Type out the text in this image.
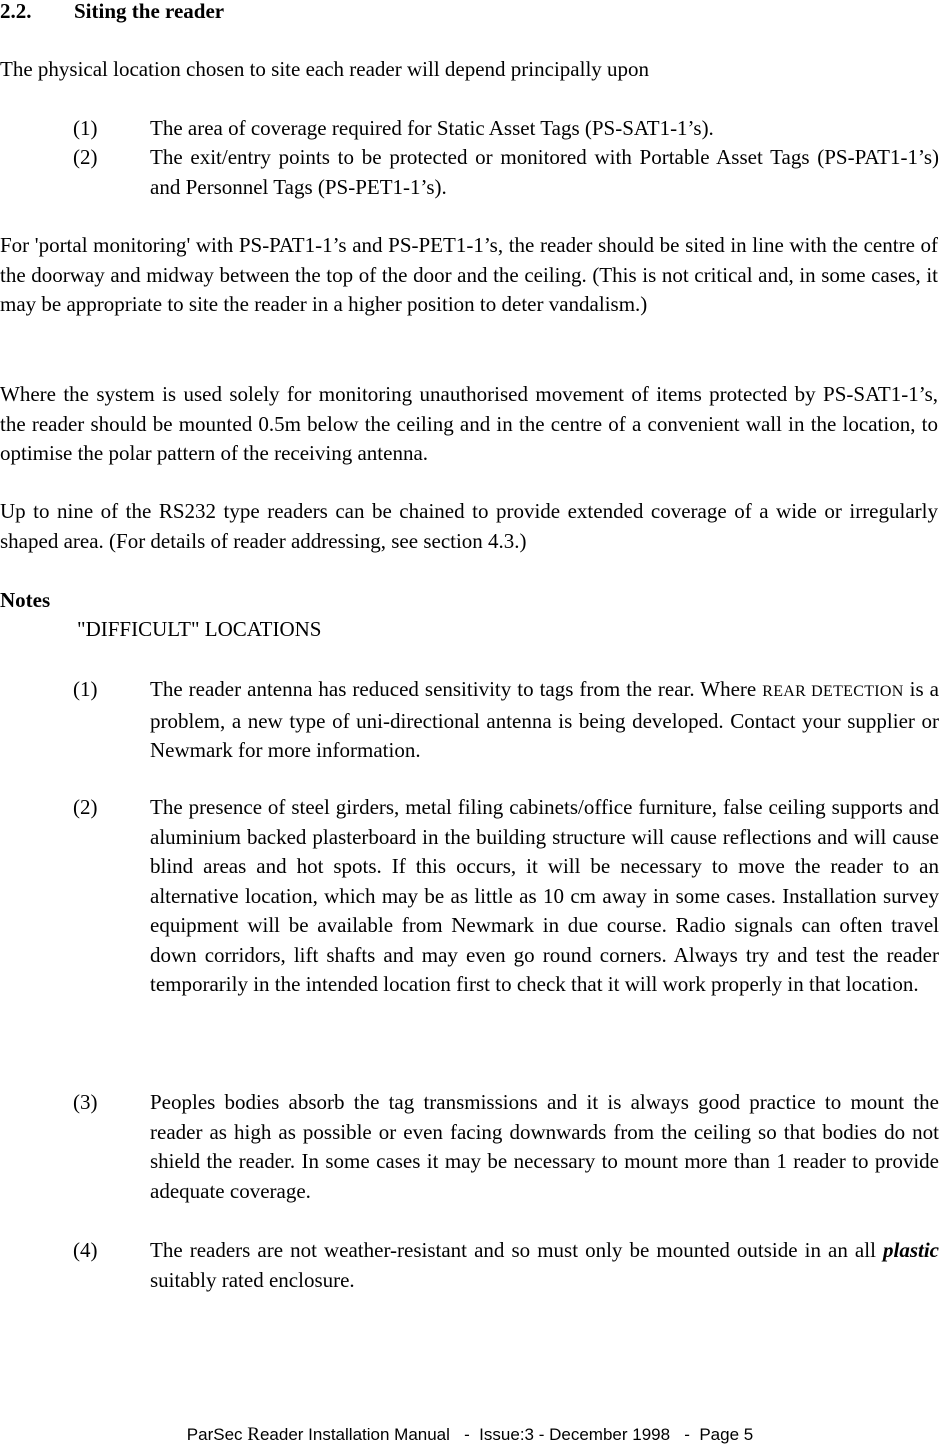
2.2. Siting the reader

The physical location chosen to site each reader will depend principally upon

(1)	The area of coverage required for Static Asset Tags (PS-SAT1-1’s).
(2)	The exit/entry points to be protected or monitored with Portable Asset Tags (PS-PAT1-1’s) and Personnel Tags (PS-PET1-1’s).

For 'portal monitoring' with PS-PAT1-1’s and PS-PET1-1’s, the reader should be sited in line with the centre of the doorway and midway between the top of the door and the ceiling. (This is not critical and, in some cases, it may be appropriate to site the reader in a higher position to deter vandalism.)

Where the system is used solely for monitoring unauthorised movement of items protected by PS-SAT1-1’s, the reader should be mounted 0.5m below the ceiling and in the centre of a convenient wall in the location, to optimise the polar pattern of the receiving antenna.

Up to nine of the RS232 type readers can be chained to provide extended coverage of a wide or irregularly shaped area. (For details of reader addressing, see section 4.3.)

Notes
"DIFFICULT" LOCATIONS
(1)	The reader antenna has reduced sensitivity to tags from the rear. Where REAR DETECTION is a problem, a new type of uni-directional antenna is being developed. Contact your supplier or Newmark for more information.
(2)	The presence of steel girders, metal filing cabinets/office furniture, false ceiling supports and aluminium backed plasterboard in the building structure will cause reflections and will cause blind areas and hot spots. If this occurs, it will be necessary to move the reader to an alternative location, which may be as little as 10 cm away in some cases. Installation survey equipment will be available from Newmark in due course. Radio signals can often travel down corridors, lift shafts and may even go round corners. Always try and test the reader temporarily in the intended location first to check that it will work properly in that location.
(3)	Peoples bodies absorb the tag transmissions and it is always good practice to mount the reader as high as possible or even facing downwards from the ceiling so that bodies do not shield the reader. In some cases it may be necessary to mount more than 1 reader to provide adequate coverage.
(4)	The readers are not weather-resistant and so must only be mounted outside in an all plastic suitably rated enclosure.
ParSec Reader Installation Manual   -  Issue:3 - December 1998   -  Page 5
